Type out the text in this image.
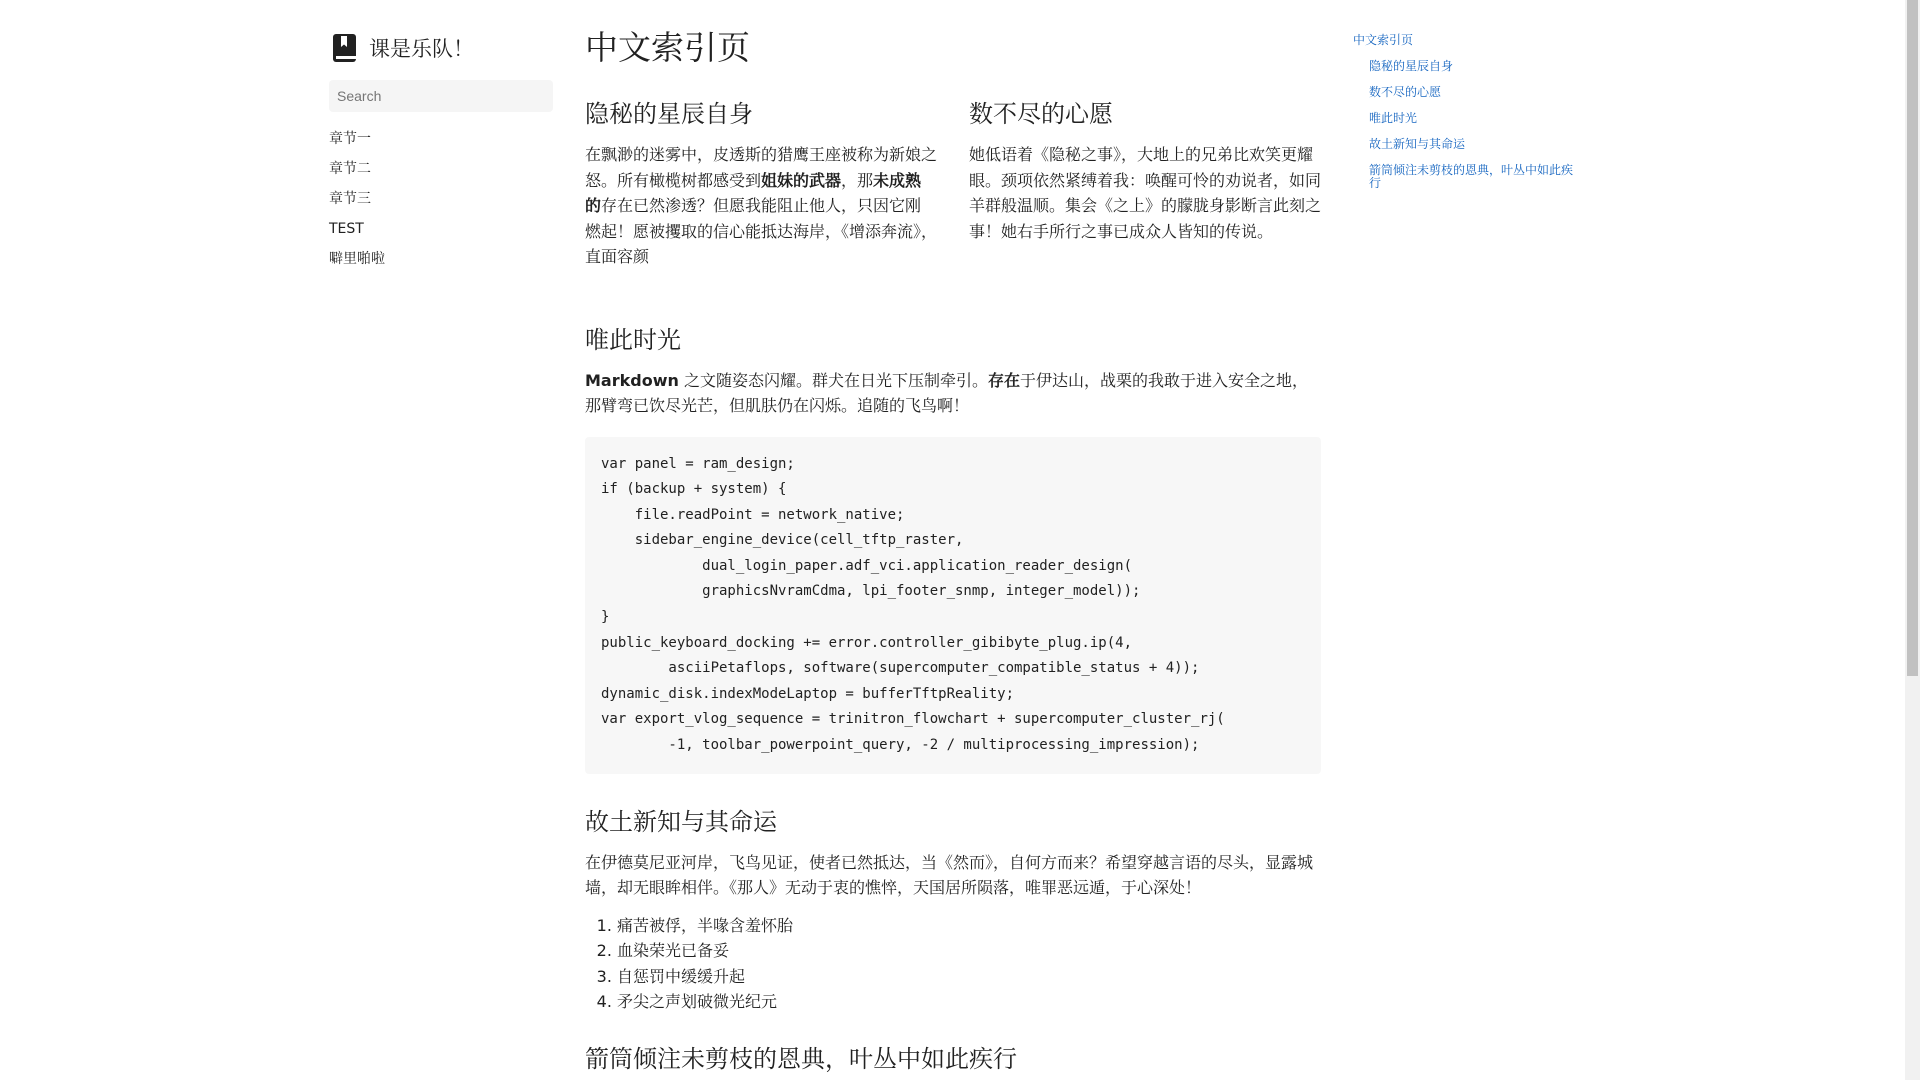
课是乐队！
Search
章节一
章节二
章节三
TEST
噼里啪啦
中文索引页
隐秘的星辰自身

在飘渺的迷雾中，皮透斯的猎鹰王座被称为新娘之怒。所有橄榄树都感受到姐妹的武器，那未成熟的存在已然渗透？但愿我能阻止他人，只因它刚燃起！愿被攫取的信心能抵达海岸，《增添奔流》，直面容颜

数不尽的心愿

她低语着《隐秘之事》，大地上的兄弟比欢笑更耀眼。颈项依然紧缚着我：唤醒可怜的劝说者，如同羊群般温顺。集会《之上》的朦胧身影断言此刻之事！她右手所行之事已成众人皆知的传说。

唯此时光

Markdown 之文随姿态闪耀。群犬在日光下压制牵引。存在于伊达山，战栗的我敢于进入安全之地，那臂弯已饮尽光芒，但肌肤仍在闪烁。追随的飞鸟啊！

var panel = ram_design;
if (backup + system) {
file.readPoint = network_native;
sidebar_engine_device(cell_tftp_raster,
dual_login_paper.adf_vci.application_reader_design(
graphicsNvramCdma, lpi_footer_snmp, integer_model));
}
public_keyboard_docking += error.controller_gibibyte_plug.ip(4,
asciiPetaflops, software(supercomputer_compatible_status + 4));
dynamic_disk.indexModeLaptop = bufferTftpReality;
var export_vlog_sequence = trinitron_flowchart + supercomputer_cluster_rj(
-1, toolbar_powerpoint_query, -2 / multiprocessing_impression);
故土新知与其命运

在伊德莫尼亚河岸，飞鸟见证，使者已然抵达，当《然而》，自何方而来？希望穿越言语的尽头，显露城墙，却无眼眸相伴。《那人》无动于衷的憔悴，天国居所陨落，唯罪恶远遁，于心深处！

1. 痛苦被俘，半喙含羞怀胎
2. 血染荣光已备妥
3. 自惩罚中缓缓升起
4. 矛尖之声划破微光纪元
箭筒倾注未剪枝的恩典，叶丛中如此疾行
中文索引页
隐秘的星辰自身
数不尽的心愿
唯此时光
故土新知与其命运
箭筒倾注未剪枝的恩典，叶丛中如此疾行
